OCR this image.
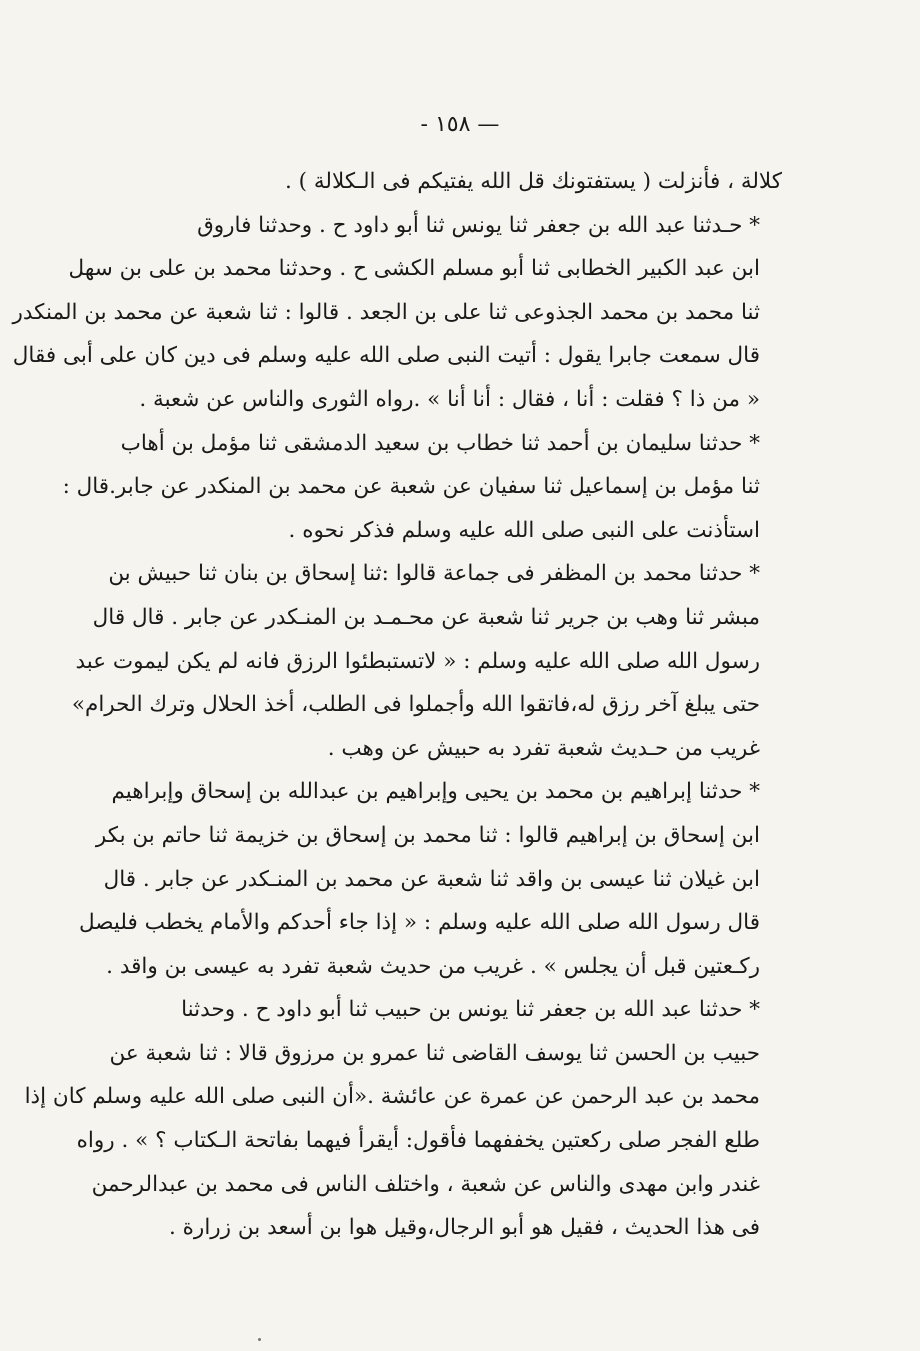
— ١٥٨ -

كلالة ، فأنزلت ( يستفتونك قل الله يفتيكم فى الـكلالة ) .

* حـدثنا عبد الله بن جعفر ثنا يونس ثنا أبو داود ح . وحدثنا فاروق
ابن عبد الكبير الخطابى ثنا أبو مسلم الكشى ح . وحدثنا محمد بن على بن سهل
ثنا محمد بن محمد الجذوعى ثنا على بن الجعد . قالوا : ثنا شعبة عن محمد بن المنكدر
قال سمعت جابرا يقول : أتيت النبى صلى الله عليه وسلم فى دين كان على أبى فقال
« من ذا ؟ فقلت : أنا ، فقال : أنا أنا » .رواه الثورى والناس عن شعبة .

* حدثنا سليمان بن أحمد ثنا خطاب بن سعيد الدمشقى ثنا مؤمل بن أهاب
ثنا مؤمل بن إسماعيل ثنا سفيان عن شعبة عن محمد بن المنكدر عن جابر.قال :
استأذنت على النبى صلى الله عليه وسلم فذكر نحوه .

* حدثنا محمد بن المظفر فى جماعة قالوا :ثنا إسحاق بن بنان ثنا حبيش بن
مبشر ثنا وهب بن جرير ثنا شعبة عن محـمـد بن المنـكدر عن جابر . قال قال
رسول الله صلى الله عليه وسلم : « لاتستبطئوا الرزق فانه لم يكن ليموت عبد
حتى يبلغ آخر رزق له،فاتقوا الله وأجملوا فى الطلب، أخذ الحلال وترك الحرام»
غريب من حـديث شعبة تفرد به حبيش عن وهب .

* حدثنا إبراهيم بن محمد بن يحيى وإبراهيم بن عبدالله بن إسحاق وإبراهيم
ابن إسحاق بن إبراهيم قالوا : ثنا محمد بن إسحاق بن خزيمة ثنا حاتم بن بكر
ابن غيلان ثنا عيسى بن واقد ثنا شعبة عن محمد بن المنـكدر عن جابر . قال
قال رسول الله صلى الله عليه وسلم : « إذا جاء أحدكم والأمام يخطب فليصل
ركـعتين قبل أن يجلس » . غريب من حديث شعبة تفرد به عيسى بن واقد .

* حدثنا عبد الله بن جعفر ثنا يونس بن حبيب ثنا أبو داود ح . وحدثنا
حبيب بن الحسن ثنا يوسف القاضى ثنا عمرو بن مرزوق قالا : ثنا شعبة عن
محمد بن عبد الرحمن عن عمرة عن عائشة .«أن النبى صلى الله عليه وسلم كان إذا
طلع الفجر صلى ركعتين يخففهما فأقول: أيقرأ فيهما بفاتحة الـكتاب ؟ » . رواه
غندر وابن مهدى والناس عن شعبة ، واختلف الناس فى محمد بن عبدالرحمن
فى هذا الحديث ، فقيل هو أبو الرجال،وقيل هوا بن أسعد بن زرارة .
